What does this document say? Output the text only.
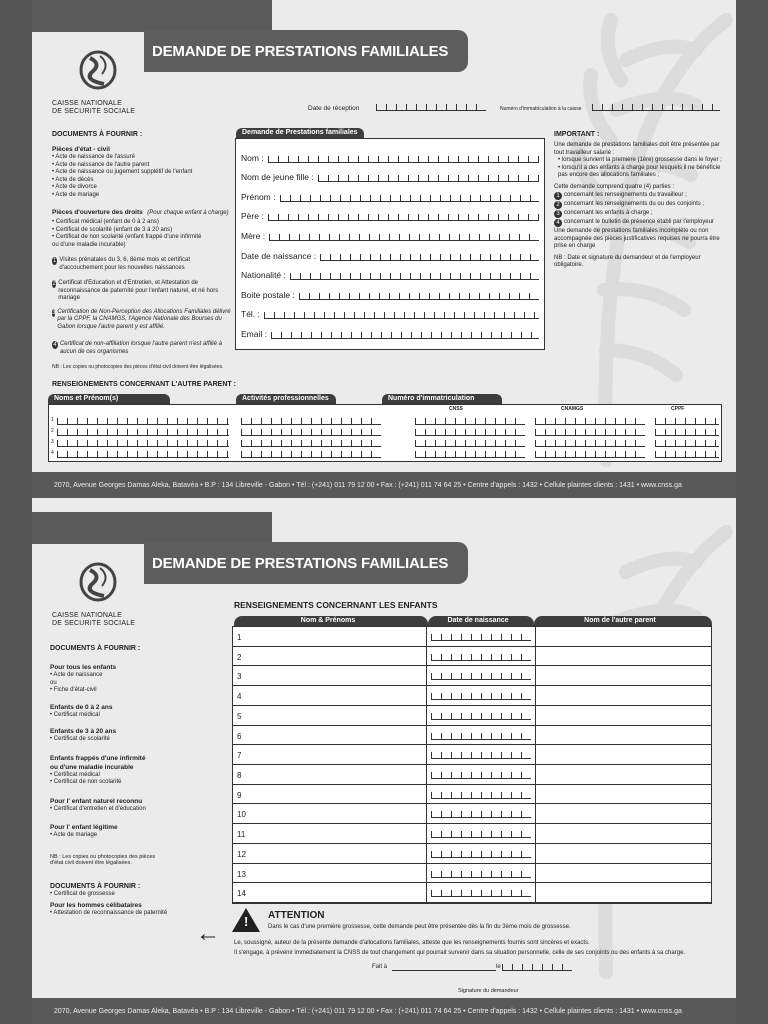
DEMANDE DE PRESTATIONS FAMILIALES
CAISSE NATIONALE
DE SECURITE SOCIALE	Date de réception	Numéro d'immatriculation à la caisse
DOCUMENTS À FOURNIR :
Pièces d'état - civil
• Acte de naissance de l'assuré
• Acte de naissance de l'autre parent
• Acte de naissance ou jugement supplétif de l'enfant
• Acte de décès
• Acte de divorce
• Acte de mariage
Pièces d'ouverture des droits (Pour chaque enfant à charge)
• Certificat médical (enfant de 0 à 2 ans)
• Certificat de scolarité (enfant de 3 à 20 ans)
• Certificat de non scolarité (enfant frappé d'une infirmité
ou d'une maladie incurable)
1 Visites prénatales du 3, 6, 8ème mois et certificat d'accouchement pour les nouvelles naissances
2 Certificat d'Education et d'Entretien, et Attestation de reconnaissance de paternité pour l'enfant naturel, et né hors mariage
3 Certification de Non-Perception des Allocations Familiales délivré par la CPPF, la CNAMGS, l'Agence Nationale des Bourses du Gabon lorsque l'autre parent y est affilié.
4 Certificat de non-affiliation lorsque l'autre parent n'est affilié à aucun de ces organismes
NB : Les copies ou photocopies des pièces d'état civil doivent être légalisées.
Demande de Prestations familiales
Nom :
Nom de jeune fille :
Prénom :
Père :
Mère :
Date de naissance :
Nationalité :
Boite postale :
Tél. :
Email :
IMPORTANT :
Une demande de prestations familiales doit être présentée par tout travailleur salarié :
• lorsque survient la première (1ère) grossesse dans le foyer ;
• lorsqu'il a des enfants à charge pour lesquels il ne bénéficie pas encore des allocations familiales ;
Cette demande comprend quatre (4) parties :
1 concernant les renseignements du travailleur ;
2 concernant les renseignements du ou des conjoints ;
3 concernant les enfants à charge ;
4 concernant le bulletin de présence établi par l'employeur
Une demande de prestations familiales incomplète ou non accompagnée des pièces justificatives requises ne pourra être prise en charge
NB : Date et signature du demandeur et de l'employeur obligatoire.
RENSEIGNEMENTS CONCERNANT L'AUTRE PARENT :
Noms et Prénom(s)	Activités professionnelles	Numéro d'immatriculation
CNSS	CNAMGS	CPPF
1
2
3
4
2070, Avenue Georges Damas Aleka, Batavéa • B.P : 134 Libreville - Gabon • Tél : (+241) 011 79 12 00 • Fax : (+241) 011 74 64 25 • Centre d'appels : 1432 • Cellule plaintes clients : 1431 • www.cnss.ga
DEMANDE DE PRESTATIONS FAMILIALES
CAISSE NATIONALE
DE SECURITE SOCIALE
RENSEIGNEMENTS CONCERNANT LES ENFANTS
Nom & Prénoms	Date de naissance	Nom de l'autre parent
1
2
3
4
5
6
7
8
9
10
11
12
13
14
DOCUMENTS À FOURNIR :
Pour tous les enfants
• Acte de naissance
ou
• Fiche d'état-civil
Enfants de 0 à 2 ans
• Certificat médical
Enfants de 3 à 20 ans
• Certificat de scolarité
Enfants frappés d'une infirmité
ou d'une maladie incurable
• Certificat médical
• Certificat de non scolarité
Pour l' enfant naturel reconnu
• Certificat d'entretien et d'éducation
Pour l' enfant légitime
• Acte de mariage
NB : Les copies ou photocopies des pièces d'état civil doivent être légalisées.
DOCUMENTS À FOURNIR :
• Certificat de grossesse
Pour les hommes célibataires
• Attestation de reconnaissance de paternité
← ! ATTENTION
Dans le cas d'une première grossesse, cette demande peut être présentée dès la fin du 3ème mois de grossesse.
Le, soussigné, auteur de la présente demande d'allocations familiales, atteste que les renseignements fournis sont sincères et exacts.
Il s'engage, à prévenir immédiatement la CNSS de tout changement qui pourrait survenir dans sa situation personnelle, celle de ses conjoints ou des enfants à sa charge.
Fait à	le
Signature du demandeur
2070, Avenue Georges Damas Aleka, Batavéa • B.P : 134 Libreville - Gabon • Tél : (+241) 011 79 12 00 • Fax : (+241) 011 74 64 25 • Centre d'appels : 1432 • Cellule plaintes clients : 1431 • www.cnss.ga
